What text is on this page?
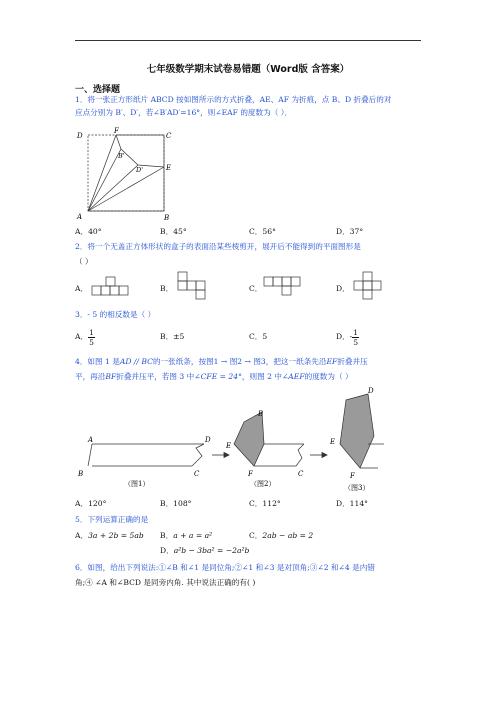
七年级数学期末试卷易错题（Word版 含答案）
一、选择题
1．将一张正方形纸片 ABCD 按如图所示的方式折叠，AE、AF 为折痕，点 B、D 折叠后的对
应点分别为 B′、D′，若∠B′AD′=16°，则∠EAF 的度数为（ ）．
D
F
C
B'
D'	E
A	B
A．40°	B．45°	C．56°	D．37°
2．将一个无盖正方体形状的盒子的表面沿某些棱剪开，展开后不能得到的平面图形是
（ ）
A．	B．	C．	D．
3．- 5 的相反数是（ ）
A． $\frac{1}{5}$	B．±5	C．5	D．- $\frac{1}{5}$
4．如图 1 是AD // BC的一张纸条，按图1 → 图2 → 图3，把这一纸条先沿EF折叠并压
平，再沿BF折叠并压平，若图 3 中∠CFE = 24°，则图 2 中∠AEF的度数为（ ）
A	D
B	C
E
F
B
C
E
F
D
（图1）	（图2）	（图3）
A．120°	B．108°	C．112°	D．114°
5．下列运算正确的是
A．3a + 2b = 5ab B．a + a = a²	C．2ab − ab = 2
D．a²b − 3ba² = −2a²b
6．如图，给出下列说法:①∠B 和∠1 是同位角;②∠1 和∠3 是对顶角;③∠2 和∠4 是内错
角;④ ∠A 和∠BCD 是同旁内角. 其中说法正确的有( )
